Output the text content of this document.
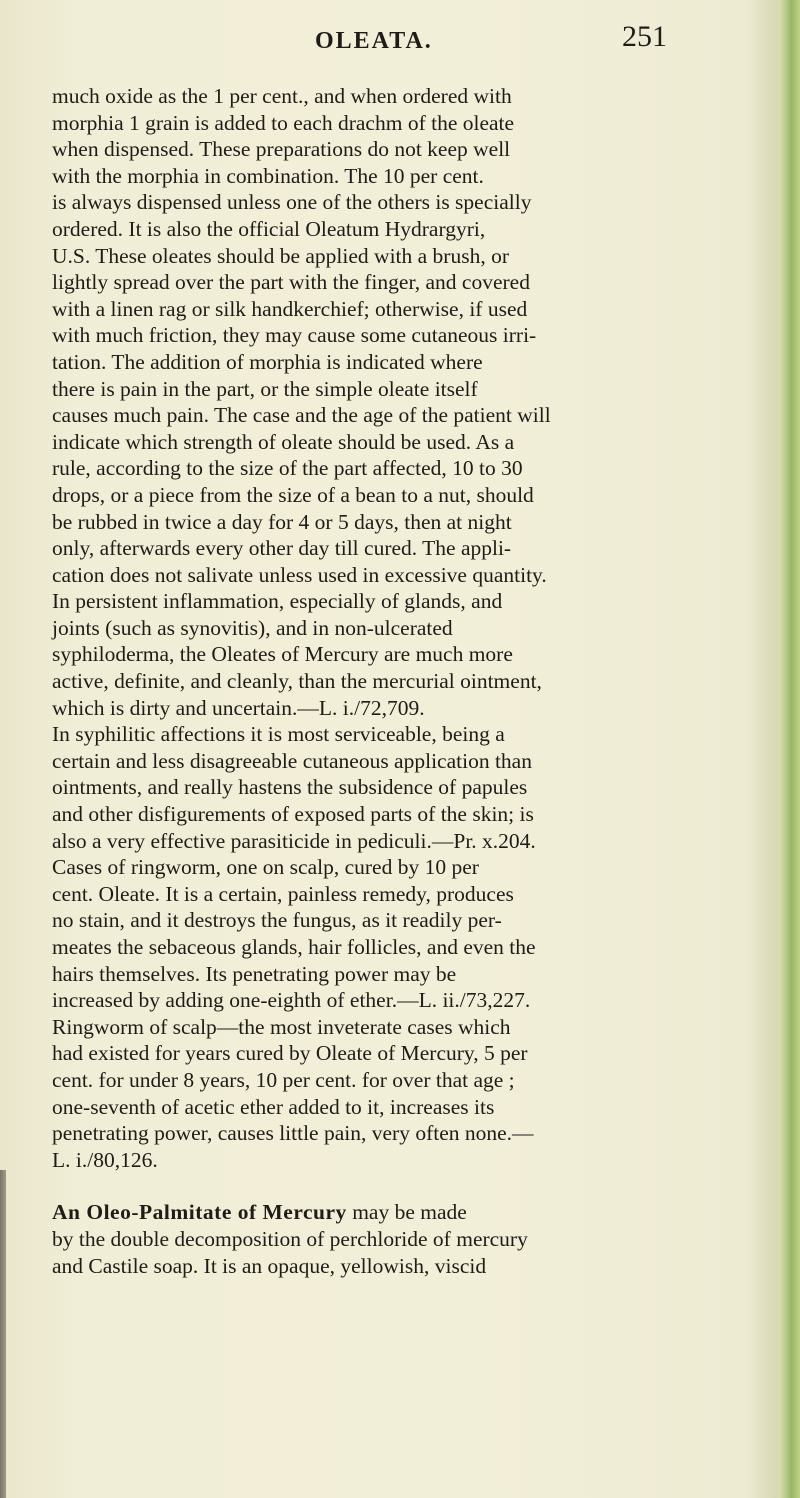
OLEATA.	251
much oxide as the 1 per cent., and when ordered with
morphia 1 grain is added to each drachm of the oleate
when dispensed. These preparations do not keep well
with the morphia in combination. The 10 per cent.
is always dispensed unless one of the others is specially
ordered. It is also the official Oleatum Hydrargyri,
U.S. These oleates should be applied with a brush, or
lightly spread over the part with the finger, and covered
with a linen rag or silk handkerchief; otherwise, if used
with much friction, they may cause some cutaneous irri-
tation. The addition of morphia is indicated where
there is pain in the part, or the simple oleate itself
causes much pain. The case and the age of the patient will
indicate which strength of oleate should be used. As a
rule, according to the size of the part affected, 10 to 30
drops, or a piece from the size of a bean to a nut, should
be rubbed in twice a day for 4 or 5 days, then at night
only, afterwards every other day till cured. The appli-
cation does not salivate unless used in excessive quantity.
In persistent inflammation, especially of glands, and
joints (such as synovitis), and in non-ulcerated
syphiloderma, the Oleates of Mercury are much more
active, definite, and cleanly, than the mercurial ointment,
which is dirty and uncertain.—L. i./72,709.
In syphilitic affections it is most serviceable, being a
certain and less disagreeable cutaneous application than
ointments, and really hastens the subsidence of papules
and other disfigurements of exposed parts of the skin; is
also a very effective parasiticide in pediculi.—Pr. x.204.
Cases of ringworm, one on scalp, cured by 10 per
cent. Oleate. It is a certain, painless remedy, produces
no stain, and it destroys the fungus, as it readily per-
meates the sebaceous glands, hair follicles, and even the
hairs themselves. Its penetrating power may be
increased by adding one-eighth of ether.—L. ii./73,227.
Ringworm of scalp—the most inveterate cases which
had existed for years cured by Oleate of Mercury, 5 per
cent. for under 8 years, 10 per cent. for over that age ;
one-seventh of acetic ether added to it, increases its
penetrating power, causes little pain, very often none.—
L. i./80,126.
An Oleo-Palmitate of Mercury may be made
by the double decomposition of perchloride of mercury
and Castile soap. It is an opaque, yellowish, viscid
